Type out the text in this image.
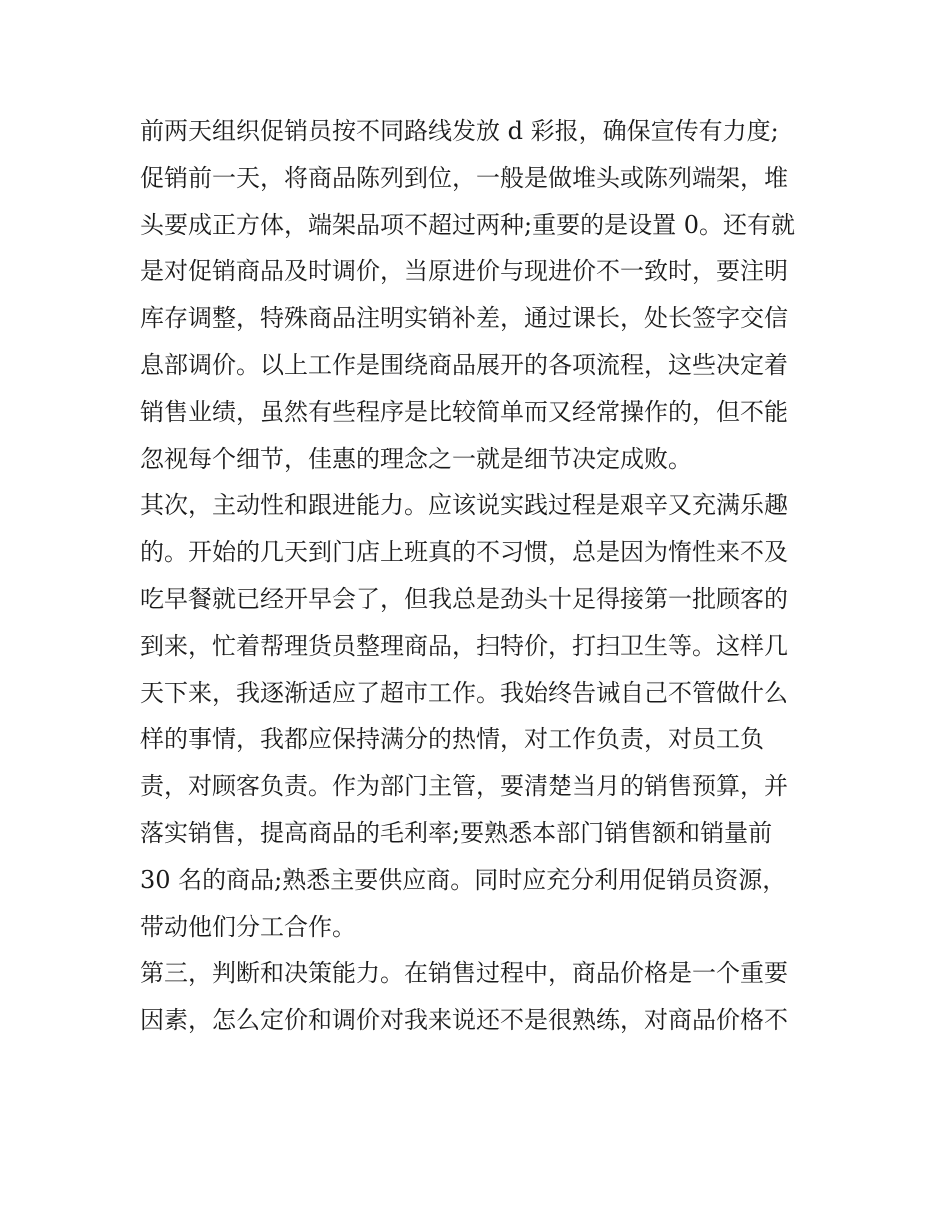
前两天组织促销员按不同路线发放 d 彩报，确保宣传有力度;
促销前一天，将商品陈列到位，一般是做堆头或陈列端架，堆
头要成正方体，端架品项不超过两种;重要的是设置 0。还有就
是对促销商品及时调价，当原进价与现进价不一致时，要注明
库存调整，特殊商品注明实销补差，通过课长，处长签字交信
息部调价。以上工作是围绕商品展开的各项流程，这些决定着
销售业绩，虽然有些程序是比较简单而又经常操作的，但不能
忽视每个细节，佳惠的理念之一就是细节决定成败。
其次，主动性和跟进能力。应该说实践过程是艰辛又充满乐趣
的。开始的几天到门店上班真的不习惯，总是因为惰性来不及
吃早餐就已经开早会了，但我总是劲头十足得接第一批顾客的
到来，忙着帮理货员整理商品，扫特价，打扫卫生等。这样几
天下来，我逐渐适应了超市工作。我始终告诫自己不管做什么
样的事情，我都应保持满分的热情，对工作负责，对员工负
责，对顾客负责。作为部门主管，要清楚当月的销售预算，并
落实销售，提高商品的毛利率;要熟悉本部门销售额和销量前
30 名的商品;熟悉主要供应商。同时应充分利用促销员资源，
带动他们分工合作。
第三，判断和决策能力。在销售过程中，商品价格是一个重要
因素，怎么定价和调价对我来说还不是很熟练，对商品价格不
